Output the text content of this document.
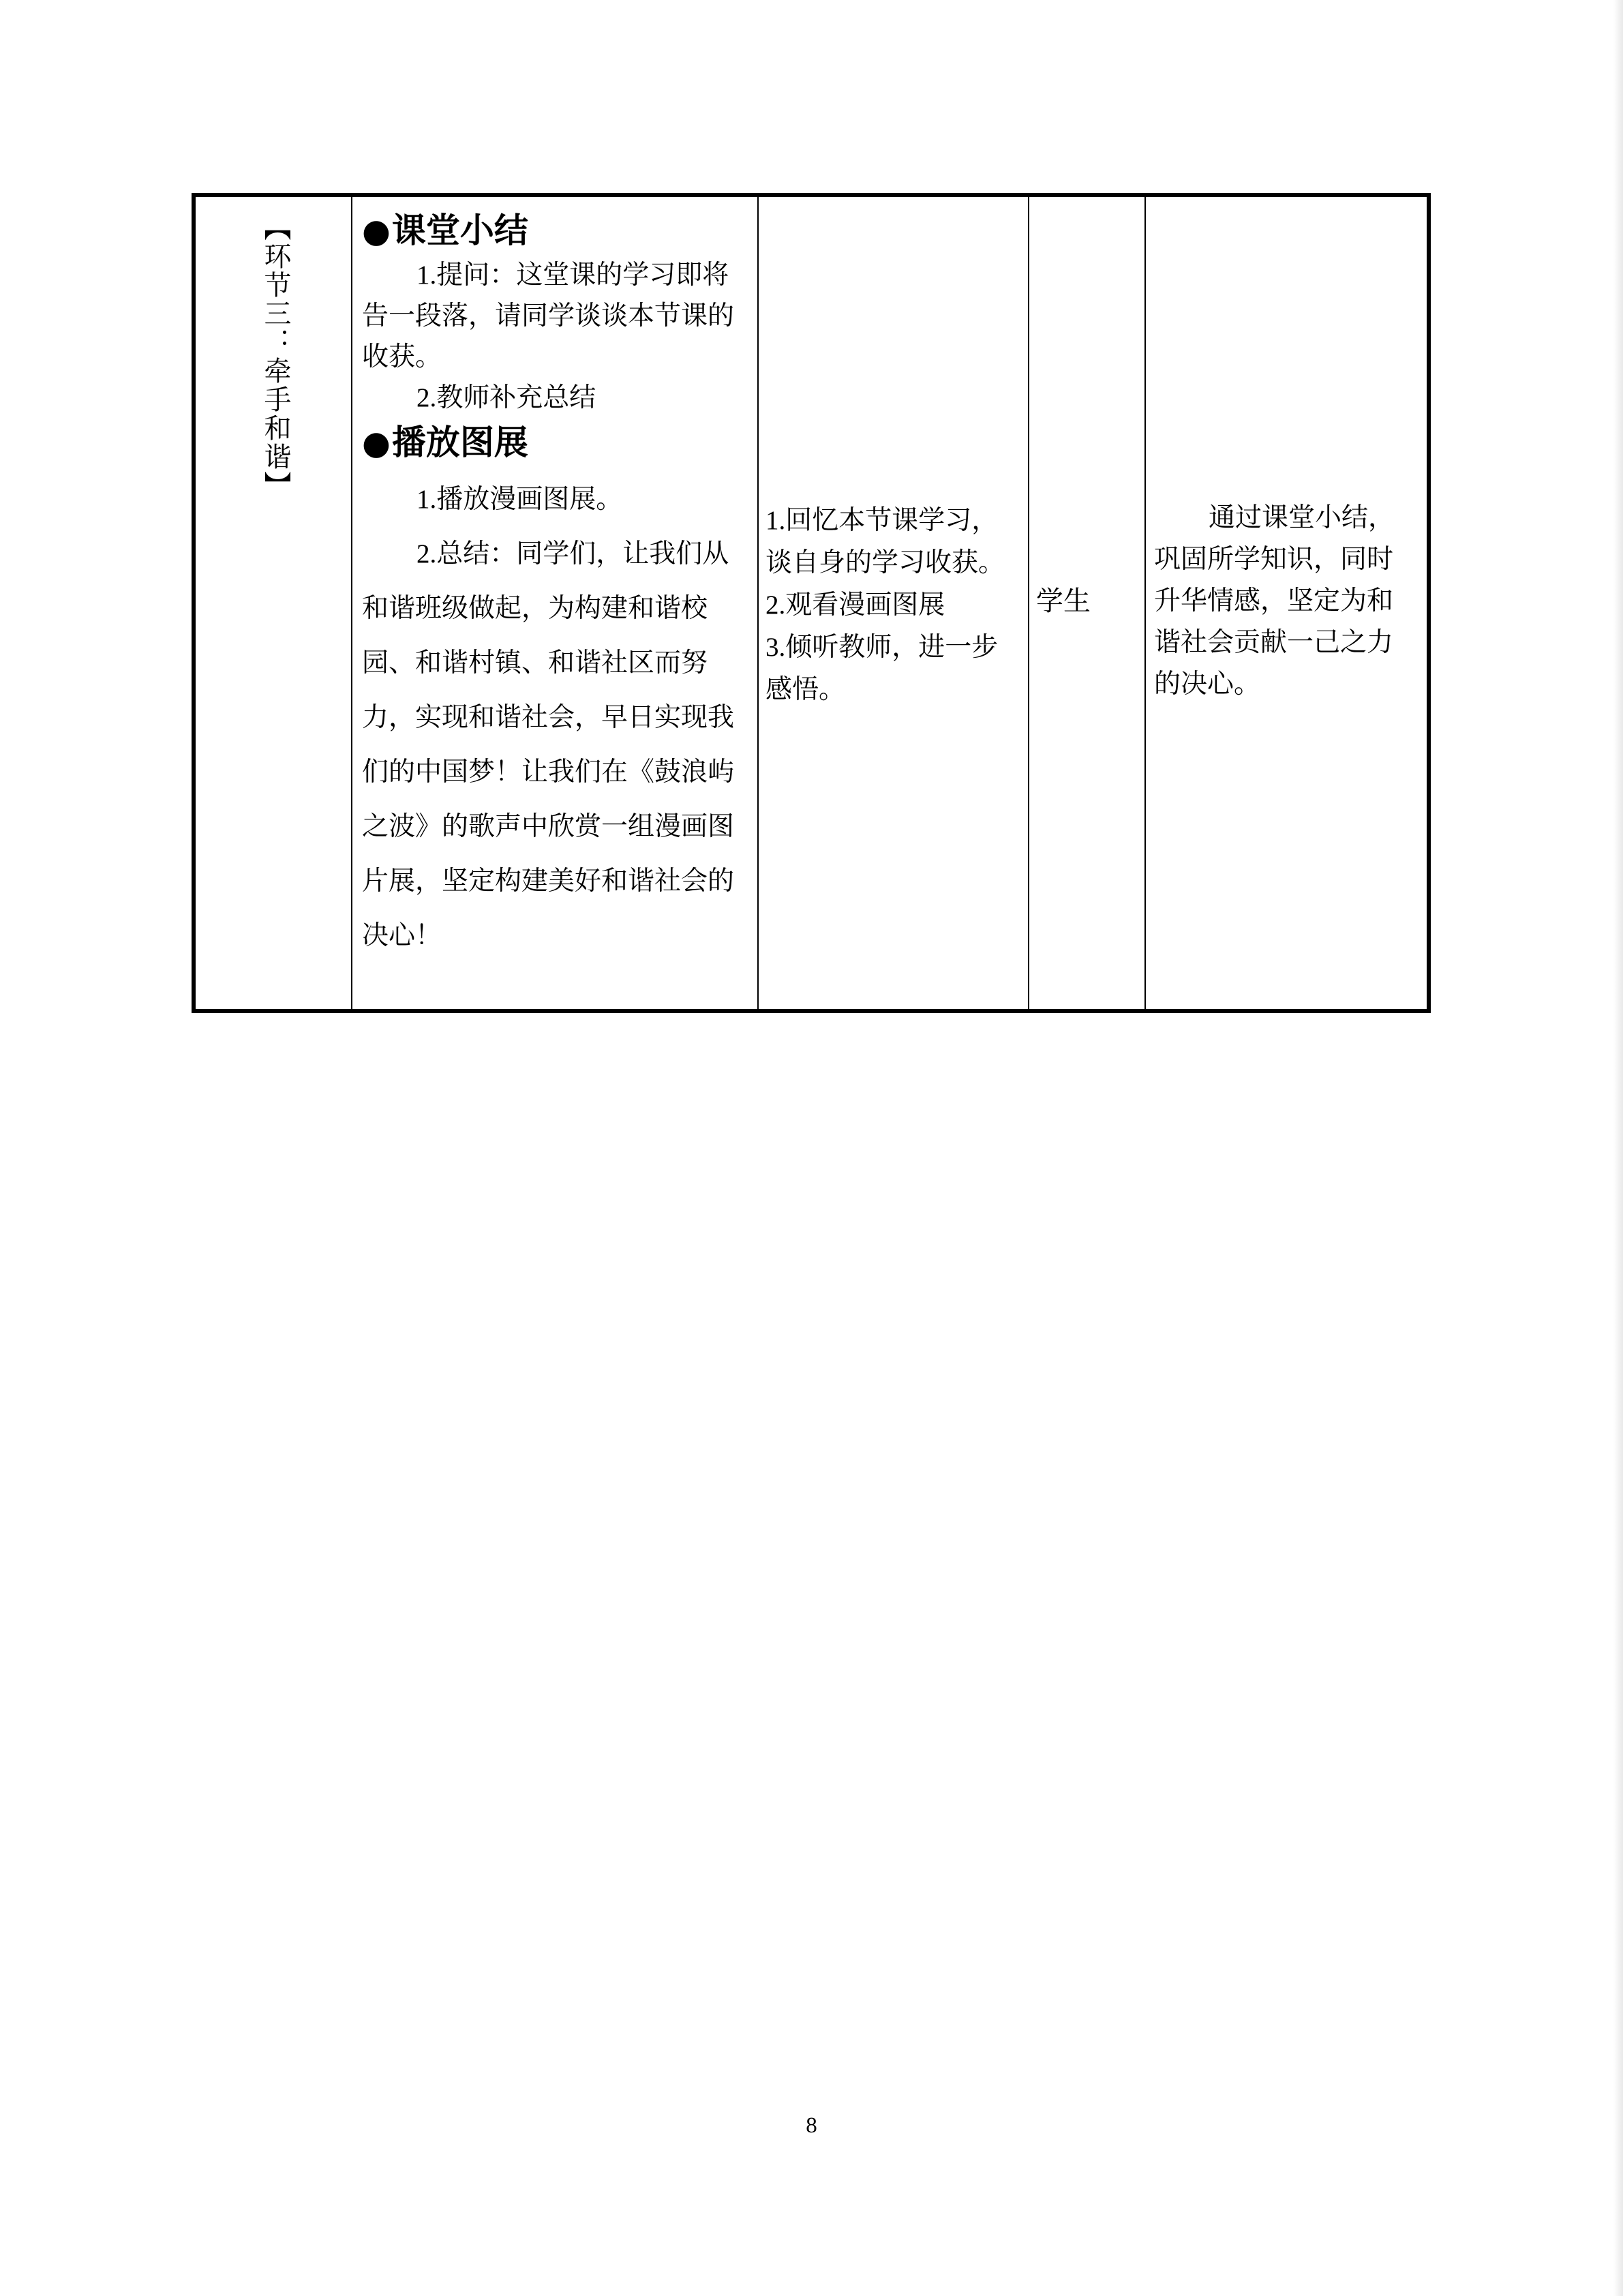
【环节三：牵手和谐】 ●课堂小结

1.提问：这堂课的学习即将告一段落，请同学谈谈本节课的收获。

2.教师补充总结

●播放图展

1.播放漫画图展。

2.总结：同学们，让我们从和谐班级做起，为构建和谐校园、和谐村镇、和谐社区而努力，实现和谐社会，早日实现我们的中国梦！让我们在《鼓浪屿之波》的歌声中欣赏一组漫画图片展，坚定构建美好和谐社会的决心！

1.回忆本节课学习，谈自身的学习收获。

2.观看漫画图展

3.倾听教师，进一步感悟。

学生

通过课堂小结，巩固所学知识，同时升华情感，坚定为和谐社会贡献一己之力的决心。

8
